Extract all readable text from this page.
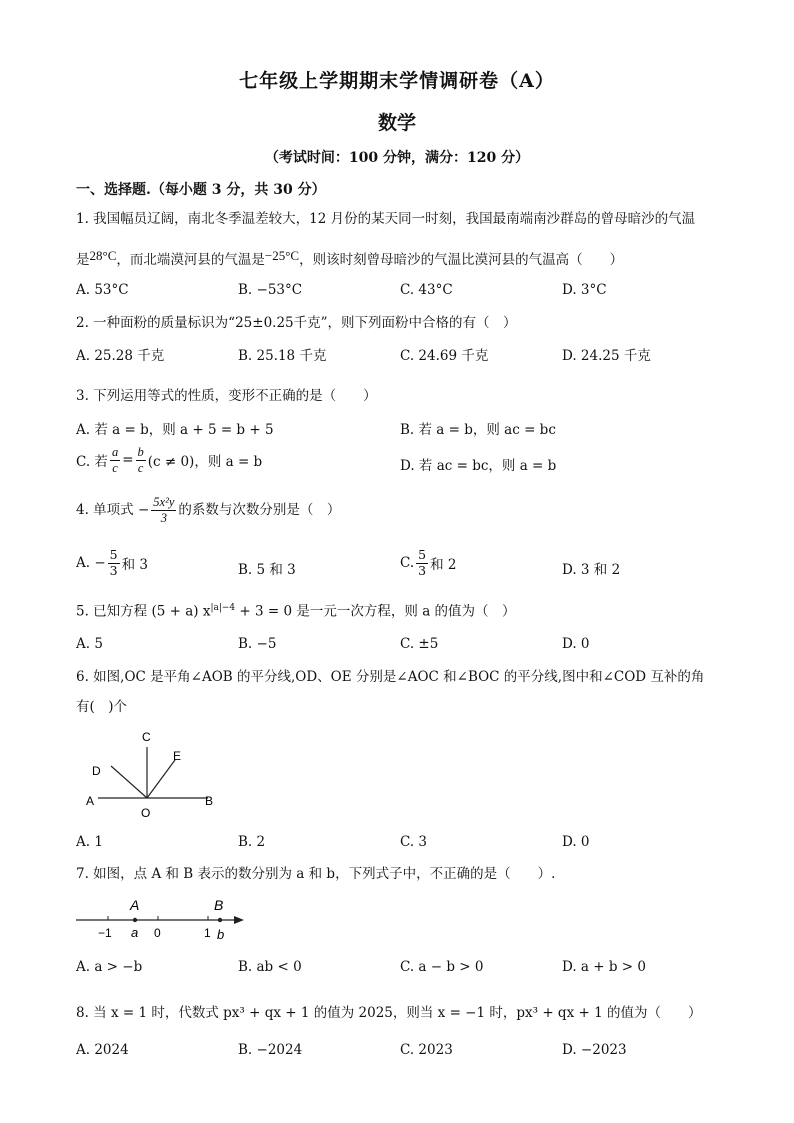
七年级上学期期末学情调研卷（A）
数学
（考试时间：100 分钟，满分：120 分）
一、选择题.（每小题 3 分，共 30 分）
1. 我国幅员辽阔，南北冬季温差较大，12 月份的某天同一时刻，我国最南端南沙群岛的曾母暗沙的气温
是28°C，而北端漠河县的气温是−25°C，则该时刻曾母暗沙的气温比漠河县的气温高（　　）
A. 53°C	B. −53°C	C. 43°C	D. 3°C
2. 一种面粉的质量标识为“25±0.25千克”，则下列面粉中合格的有（　）
A. 25.28 千克	B. 25.18 千克	C. 24.69 千克	D. 24.25 千克
3. 下列运用等式的性质，变形不正确的是（　　）
A. 若 a = b，则 a + 5 = b + 5	B. 若 a = b，则 ac = bc
C. 若 $\frac{a}{c} = \frac{b}{c} (c \ne 0)$，则 a = b	D. 若 ac = bc，则 a = b
4. 单项式 − $\frac{\text{5x²y}}{3}$ 的系数与次数分别是（　）
A. − $\frac{5}{3}$ 和 3	B. 5 和 3	C. $\frac{5}{3}$ 和 2	D. 3 和 2
5. 已知方程 (5 + a) $x^{|a|-4} + 3 = 0$ 是一元一次方程，则 a 的值为（　）
A. 5	B. −5	C. ±5	D. 0
6. 如图,OC 是平角∠AOB 的平分线,OD、OE 分别是∠AOC 和∠BOC 的平分线,图中和∠COD 互补的角
有(　)个
A	B
C
D
E
O
A. 1	B. 2	C. 3	D. 0
7. 如图，点 A 和 B 表示的数分别为 a 和 b，下列式子中，不正确的是（　　）.
A	B
−1 a 0	1 b
A. a > −b	B. ab < 0	C. a − b > 0	D. a + b > 0
8. 当 x = 1 时，代数式 px³ + qx + 1 的值为 2025，则当 x = −1 时，px³ + qx + 1 的值为（　　）
A. 2024	B. −2024	C. 2023	D. −2023
